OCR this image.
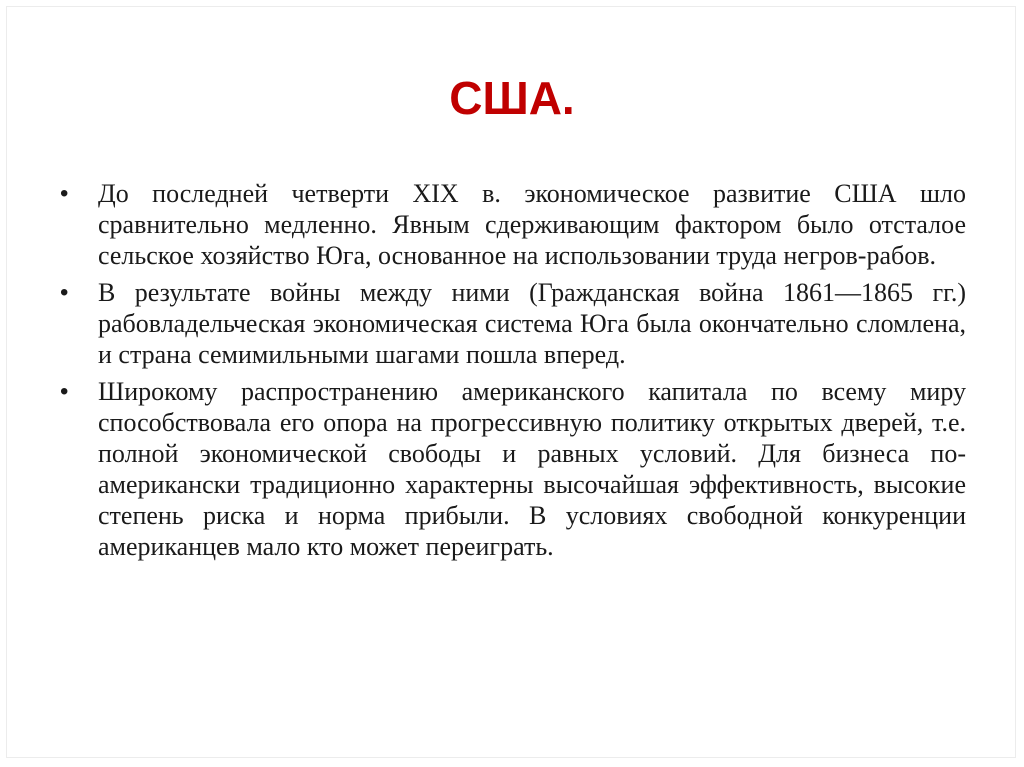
США.
• До последней четверти XIX в. экономическое развитие США шло сравнительно медленно. Явным сдерживающим фактором было отсталое сельское хозяйство Юга, основанное на использовании труда негров-рабов.
• В результате войны между ними (Гражданская война 1861—1865 гг.) рабовладельческая экономическая система Юга была окончательно сломлена, и страна семимильными шагами пошла вперед.
• Широкому распространению американского капитала по всему миру способствовала его опора на прогрессивную политику открытых дверей, т.е. полной экономической свободы и равных условий. Для бизнеса по-американски традиционно характерны высочайшая эффективность, высокие степень риска и норма прибыли. В условиях свободной конкуренции американцев мало кто может переиграть.
